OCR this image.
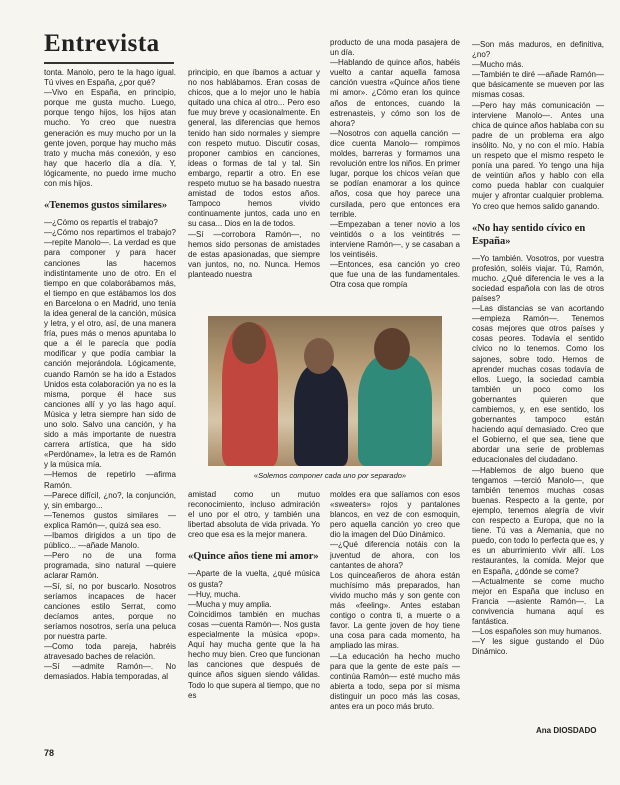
Entrevista

tonta. Manolo, pero te la hago igual. Tú vives en España, ¿por qué?

—Vivo en España, en principio, porque me gusta mucho. Luego, porque tengo hijos, los hijos atan mucho. Yo creo que nuestra generación es muy mucho por un la gente joven, porque hay mucho más trato y mucha más conexión, y eso hay que hacerlo día a día. Y, lógicamente, no puedo irme mucho con mis hijos.

«Tenemos gustos similares»

—¿Cómo os repartís el trabajo?

—¿Cómo nos repartimos el trabajo? —repite Manolo—. La verdad es que para componer y para hacer canciones las hacemos indistintamente uno de otro. En el tiempo en que colaborábamos más, el tiempo en que estábamos los dos en Barcelona o en Madrid, uno tenía la idea general de la canción, música y letra, y el otro, así, de una manera fría, pues más o menos apuntaba lo que a él le parecía que podía modificar y que podía cambiar la canción mejorándola. Lógicamente, cuando Ramón se ha ido a Estados Unidos esta colaboración ya no es la misma, porque él hace sus canciones allí y yo las hago aquí. Música y letra siempre han sido de uno solo. Salvo una canción, y ha sido a más importante de nuestra carrera artística, que ha sido «Perdóname», la letra es de Ramón y la música mía.

—Hemos de repetirlo —afirma Ramón.

—Parece difícil, ¿no?, la conjunción, y, sin embargo...

—Tenemos gustos similares —explica Ramón—, quizá sea eso.

—Ibamos dirigidos a un tipo de público... —añade Manolo.

—Pero no de una forma programada, sino natural —quiere aclarar Ramón.

—Sí, sí, no por buscarlo. Nosotros seríamos incapaces de hacer canciones estilo Serrat, como decíamos antes, porque no seríamos nosotros, sería una peluca por nuestra parte.

—Como toda pareja, habréis atravesado baches de relación.

—Sí —admite Ramón—. No demasiados. Había temporadas, al

principio, en que íbamos a actuar y no nos hablábamos. Eran cosas de chicos, que a lo mejor uno le había quitado una chica al otro... Pero eso fue muy breve y ocasionalmente. En general, las diferencias que hemos tenido han sido normales y siempre con respeto mutuo. Discutir cosas, proponer cambios en canciones, ideas o formas de tal y tal. Sin embargo, repartir a otro. En ese respeto mutuo se ha basado nuestra amistad de todos estos años. Tampoco hemos vivido continuamente juntos, cada uno en su casa... Dios en la de todos.

—Sí —corrobora Ramón—, no hemos sido personas de amistades de estas apasionadas, que siempre van juntos, no, no. Nunca. Hemos planteado nuestra

producto de una moda pasajera de un día.

—Hablando de quince años, habéis vuelto a cantar aquella famosa canción vuestra «Quince años tiene mi amor». ¿Cómo eran los quince años de entonces, cuando la estrenasteis, y cómo son los de ahora?

—Nosotros con aquella canción —dice cuenta Manolo— rompimos moldes, barreras y formamos una revolución entre los niños. En primer lugar, porque los chicos veían que se podían enamorar a los quince años, cosa que hoy parece una cursilada, pero que entonces era terrible.

—Empezaban a tener novio a los veintidós o a los veintitrés —interviene Ramón—, y se casaban a los veintiséis.

—Entonces, esa canción yo creo que fue una de las fundamentales. Otra cosa que rompía

«Solemos componer cada uno por separado»

amistad como un mutuo reconocimiento, incluso admiración el uno por el otro, y también una libertad absoluta de vida privada. Yo creo que esa es la mejor manera.

«Quince años tiene mi amor»

—Aparte de la vuelta, ¿qué música os gusta?

—Huy, mucha.

—Mucha y muy amplia.

Coincidimos también en muchas cosas —cuenta Ramón—. Nos gusta especialmente la música «pop». Aquí hay mucha gente que la ha hecho muy bien. Creo que funcionan las canciones que después de quince años siguen siendo válidas. Todo lo que supera al tiempo, que no es

moldes era que salíamos con esos «sweaters» rojos y pantalones blancos, en vez de con esmoquin, pero aquella canción yo creo que dio la imagen del Dúo Dinámico.

—¿Qué diferencia notáis con la juventud de ahora, con los cantantes de ahora?

Los quinceañeros de ahora están muchísimo más preparados, han vivido mucho más y son gente con más «feeling». Antes estaban contigo o contra ti, a muerte o a favor. La gente joven de hoy tiene una cosa para cada momento, ha ampliado las miras.

—La educación ha hecho mucho para que la gente de este país —continúa Ramón— esté mucho más abierta a todo, sepa por sí misma distinguir un poco más las cosas, antes era un poco más bruto.

—Son más maduros, en definitiva, ¿no?

—Mucho más.

—También te diré —añade Ramón— que básicamente se mueven por las mismas cosas.

—Pero hay más comunicación —interviene Manolo—. Antes una chica de quince años hablaba con su padre de un problema era algo insólito. No, y no con el mío. Había un respeto que el mismo respeto le ponía una pared. Yo tengo una hija de veintiún años y hablo con ella como pueda hablar con cualquier mujer y afrontar cualquier problema. Yo creo que hemos salido ganando.

«No hay sentido cívico en España»

—Yo también. Vosotros, por vuestra profesión, soléis viajar. Tú, Ramón, mucho. ¿Qué diferencia le ves a la sociedad española con las de otros países?

—Las distancias se van acortando —empieza Ramón—. Tenemos cosas mejores que otros países y cosas peores. Todavía el sentido cívico no lo tenemos. Como los sajones, sobre todo. Hemos de aprender muchas cosas todavía de ellos. Luego, la sociedad cambia también un poco como los gobernantes quieren que cambiemos, y, en ese sentido, los gobernantes tampoco están haciendo aquí demasiado. Creo que el Gobierno, el que sea, tiene que abordar una serie de problemas educacionales del ciudadano.

—Hablemos de algo bueno que tengamos —terció Manolo—, que también tenemos muchas cosas buenas. Respecto a la gente, por ejemplo, tenemos alegría de vivir con respecto a Europa, que no la tiene. Tú vas a Alemania, que no puedo, con todo lo perfecta que es, y es un aburrimiento vivir allí. Los restaurantes, la comida. Mejor que en España, ¿dónde se come?

—Actualmente se come mucho mejor en España que incluso en Francia —asiente Ramón—. La convivencia humana aquí es fantástica.

—Los españoles son muy humanos.

—Y les sigue gustando el Dúo Dinámico.

Ana DIOSDADO
78
